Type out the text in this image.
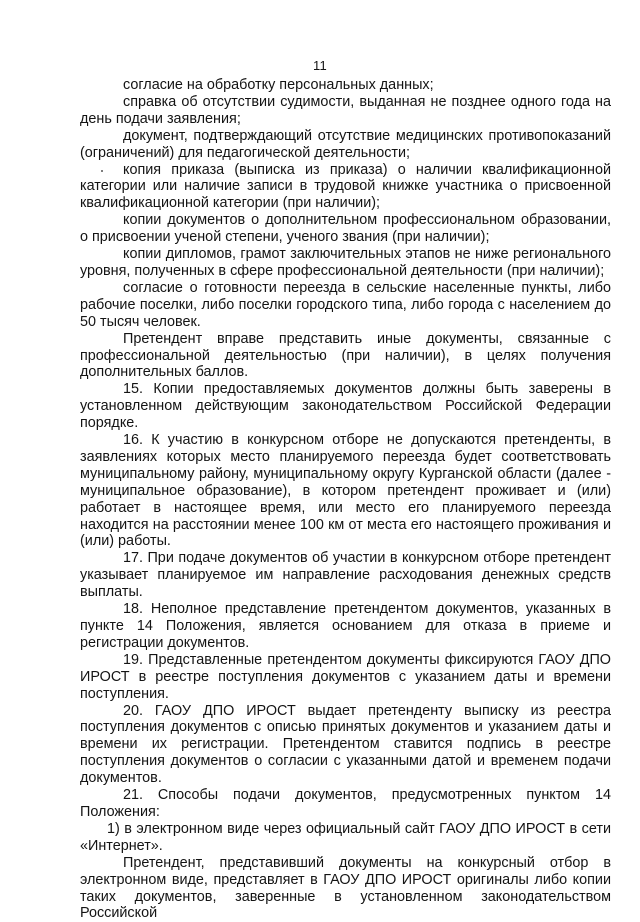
11

согласие на обработку персональных данных;

справка об отсутствии судимости, выданная не позднее одного года на день подачи заявления;

документ, подтверждающий отсутствие медицинских противопоказаний (ограничений) для педагогической деятельности;

копия приказа (выписка из приказа) о наличии квалификационной категории или наличие записи в трудовой книжке участника о присвоенной квалификационной категории (при наличии);

копии документов о дополнительном профессиональном образовании, о присвоении ученой степени, ученого звания (при наличии);

копии дипломов, грамот заключительных этапов не ниже регионального уровня, полученных в сфере профессиональной деятельности (при наличии);

согласие о готовности переезда в сельские населенные пункты, либо рабочие поселки, либо поселки городского типа, либо города с населением до 50 тысяч человек.

Претендент вправе представить иные документы, связанные с профессиональной деятельностью (при наличии), в целях получения дополнительных баллов.

15. Копии предоставляемых документов должны быть заверены в установленном действующим законодательством Российской Федерации порядке.

16. К участию в конкурсном отборе не допускаются претенденты, в заявлениях которых место планируемого переезда будет соответствовать муниципальному району, муниципальному округу Курганской области (далее - муниципальное образование), в котором претендент проживает и (или) работает в настоящее время, или место его планируемого переезда находится на расстоянии менее 100 км от места его настоящего проживания и (или) работы.

17. При подаче документов об участии в конкурсном отборе претендент указывает планируемое им направление расходования денежных средств выплаты.

18. Неполное представление претендентом документов, указанных в пункте 14 Положения, является основанием для отказа в приеме и регистрации документов.

19. Представленные претендентом документы фиксируются ГАОУ ДПО ИРОСТ в реестре поступления документов с указанием даты и времени поступления.

20. ГАОУ ДПО ИРОСТ выдает претенденту выписку из реестра поступления документов с описью принятых документов и указанием даты и времени их регистрации. Претендентом ставится подпись в реестре поступления документов о согласии с указанными датой и временем подачи документов.

21. Способы подачи документов, предусмотренных пунктом 14 Положения:

1) в электронном виде через официальный сайт ГАОУ ДПО ИРОСТ в сети «Интернет».

Претендент, представивший документы на конкурсный отбор в электронном виде, представляет в ГАОУ ДПО ИРОСТ оригиналы либо копии таких документов, заверенные в установленном законодательством Российской
